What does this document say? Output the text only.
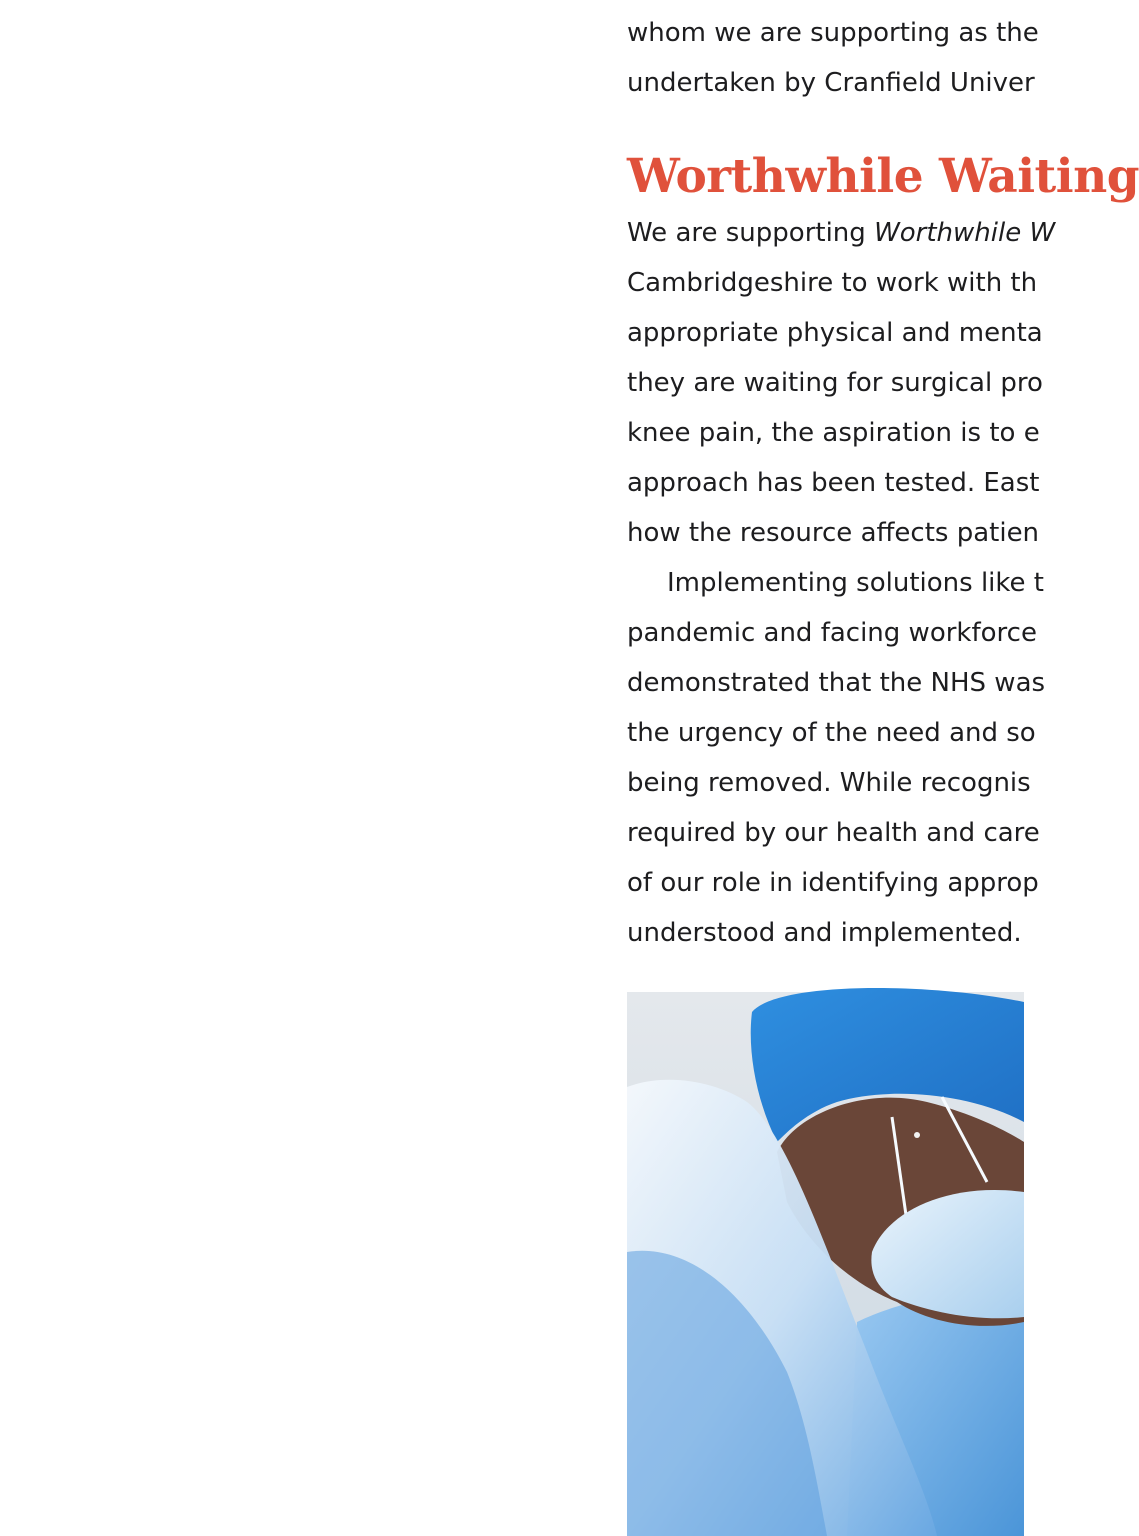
whom we are supporting as the
undertaken by Cranfield Univer
Worthwhile Waiting
We are supporting Worthwhile W
Cambridgeshire to work with th
appropriate physical and menta
they are waiting for surgical pro
knee pain, the aspiration is to e
approach has been tested. East
how the resource affects patien
Implementing solutions like t
pandemic and facing workforce
demonstrated that the NHS was
the urgency of the need and so
being removed. While recognis
required by our health and care
of our role in identifying approp
understood and implemented.
